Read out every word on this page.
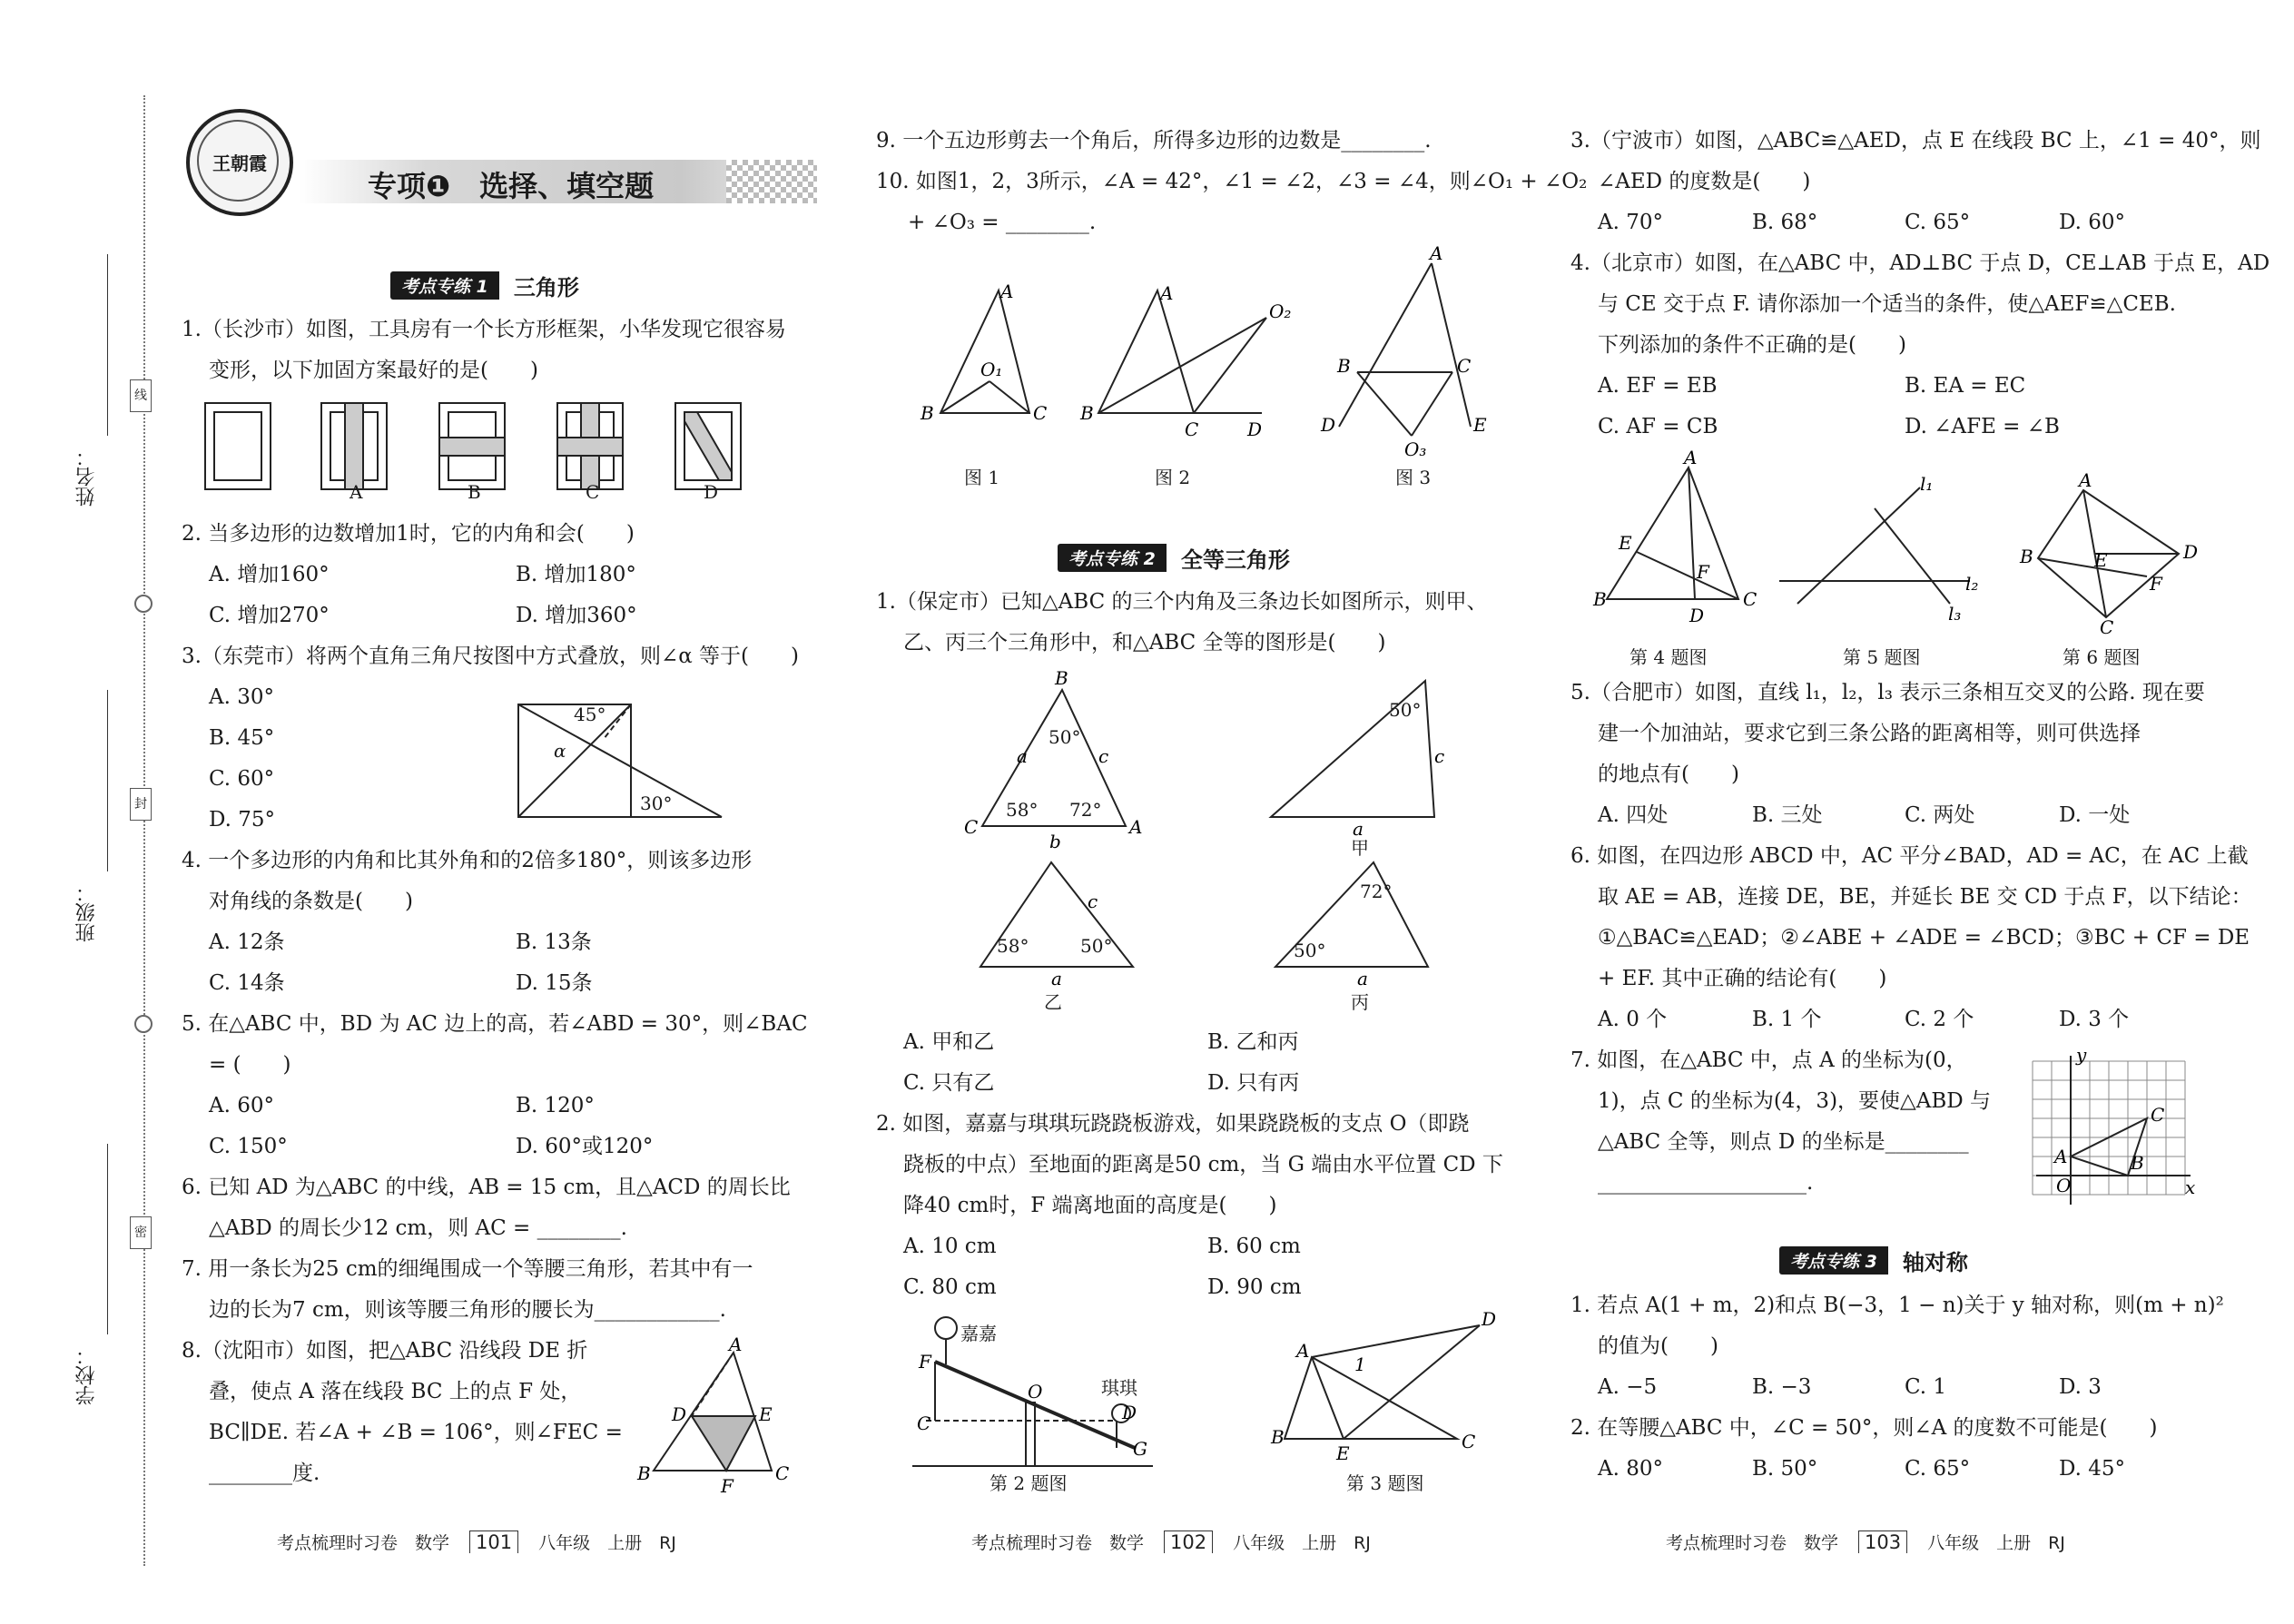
姓名：
班级：
学校：
线
封
密
王朝霞
专项❶　选择、填空题
考点专练 1	三角形
1.（长沙市）如图，工具房有一个长方形框架，小华发现它很容易
变形，以下加固方案最好的是(　　)
A	B	C	D
2. 当多边形的边数增加1时，它的内角和会(　　)
A. 增加160°	B. 增加180°
C. 增加270°	D. 增加360°
3.（东莞市）将两个直角三角尺按图中方式叠放，则∠α 等于(　　)
A. 30°
B. 45°
C. 60°
D. 75°
45°
α
30°
4. 一个多边形的内角和比其外角和的2倍多180°，则该多边形
对角线的条数是(　　)
A. 12条	B. 13条
C. 14条	D. 15条
5. 在△ABC 中，BD 为 AC 边上的高，若∠ABD = 30°，则∠BAC
= (　　)
A. 60°	B. 120°
C. 150°	D. 60°或120°
6. 已知 AD 为△ABC 的中线，AB = 15 cm，且△ACD 的周长比
△ABD 的周长少12 cm，则 AC = ________.
7. 用一条长为25 cm的细绳围成一个等腰三角形，若其中有一
边的长为7 cm，则该等腰三角形的腰长为____________.
8.（沈阳市）如图，把△ABC 沿线段 DE 折
叠，使点 A 落在线段 BC 上的点 F 处，
BC∥DE. 若∠A + ∠B = 106°，则∠FEC =
________度.
A
D	E
B	C
F
9. 一个五边形剪去一个角后，所得多边形的边数是________.
10. 如图1，2，3所示，∠A = 42°，∠1 = ∠2，∠3 = ∠4，则∠O₁ + ∠O₂
+ ∠O₃ = ________.
A
B	C
O₁
图 1
A
B
C	D
O₂
图 2
A
B	C
D	E
O₃
图 3
考点专练 2	全等三角形
1.（保定市）已知△ABC 的三个内角及三条边长如图所示，则甲、
乙、丙三个三角形中，和△ABC 全等的图形是(　　)
B
C	A
a	c
b
50°
58° 72°
c
a
50°
甲
c
a
58°	50°
乙
a
72°
50°
丙
A. 甲和乙	B. 乙和丙
C. 只有乙	D. 只有丙
2. 如图，嘉嘉与琪琪玩跷跷板游戏，如果跷跷板的支点 O（即跷
跷板的中点）至地面的距离是50 cm，当 G 端由水平位置 CD 下
降40 cm时，F 端离地面的高度是(　　)
A. 10 cm	B. 60 cm
C. 80 cm	D. 90 cm
F
C
O
D
G
嘉嘉
琪琪
第 2 题图
A
B	C
D
E
1
第 3 题图
3.（宁波市）如图，△ABC≌△AED，点 E 在线段 BC 上，∠1 = 40°，则
∠AED 的度数是(　　)
A. 70°	B. 68°	C. 65°	D. 60°
4.（北京市）如图，在△ABC 中，AD⊥BC 于点 D，CE⊥AB 于点 E，AD
与 CE 交于点 F. 请你添加一个适当的条件，使△AEF≌△CEB.
下列添加的条件不正确的是(　　)
A. EF = EB	B. EA = EC
C. AF = CB	D. ∠AFE = ∠B
A
B	C
D
E
F
第 4 题图
l₁
l₂
l₃
第 5 题图
A
B
C
D
E
F
第 6 题图
5.（合肥市）如图，直线 l₁，l₂，l₃ 表示三条相互交叉的公路. 现在要
建一个加油站，要求它到三条公路的距离相等，则可供选择
的地点有(　　)
A. 四处	B. 三处	C. 两处	D. 一处
6. 如图，在四边形 ABCD 中，AC 平分∠BAD，AD = AC，在 AC 上截
取 AE = AB，连接 DE，BE，并延长 BE 交 CD 于点 F，以下结论：
①△BAC≌△EAD；②∠ABE + ∠ADE = ∠BCD；③BC + CF = DE
+ EF. 其中正确的结论有(　　)
A. 0 个	B. 1 个	C. 2 个	D. 3 个
7. 如图，在△ABC 中，点 A 的坐标为(0，
1)，点 C 的坐标为(4，3)，要使△ABD 与
△ABC 全等，则点 D 的坐标是________
____________________.
y
x
O
A
C
B
考点专练 3	轴对称
1. 若点 A(1 + m，2)和点 B(−3，1 − n)关于 y 轴对称，则(m + n)²
的值为(　　)
A. −5	B. −3	C. 1	D. 3
2. 在等腰△ABC 中，∠C = 50°，则∠A 的度数不可能是(　　)
A. 80°	B. 50°	C. 65°	D. 45°
考点梳理时习卷　数学 101 八年级　上册　RJ	考点梳理时习卷　数学 102 八年级　上册　RJ	考点梳理时习卷　数学 103 八年级　上册　RJ
